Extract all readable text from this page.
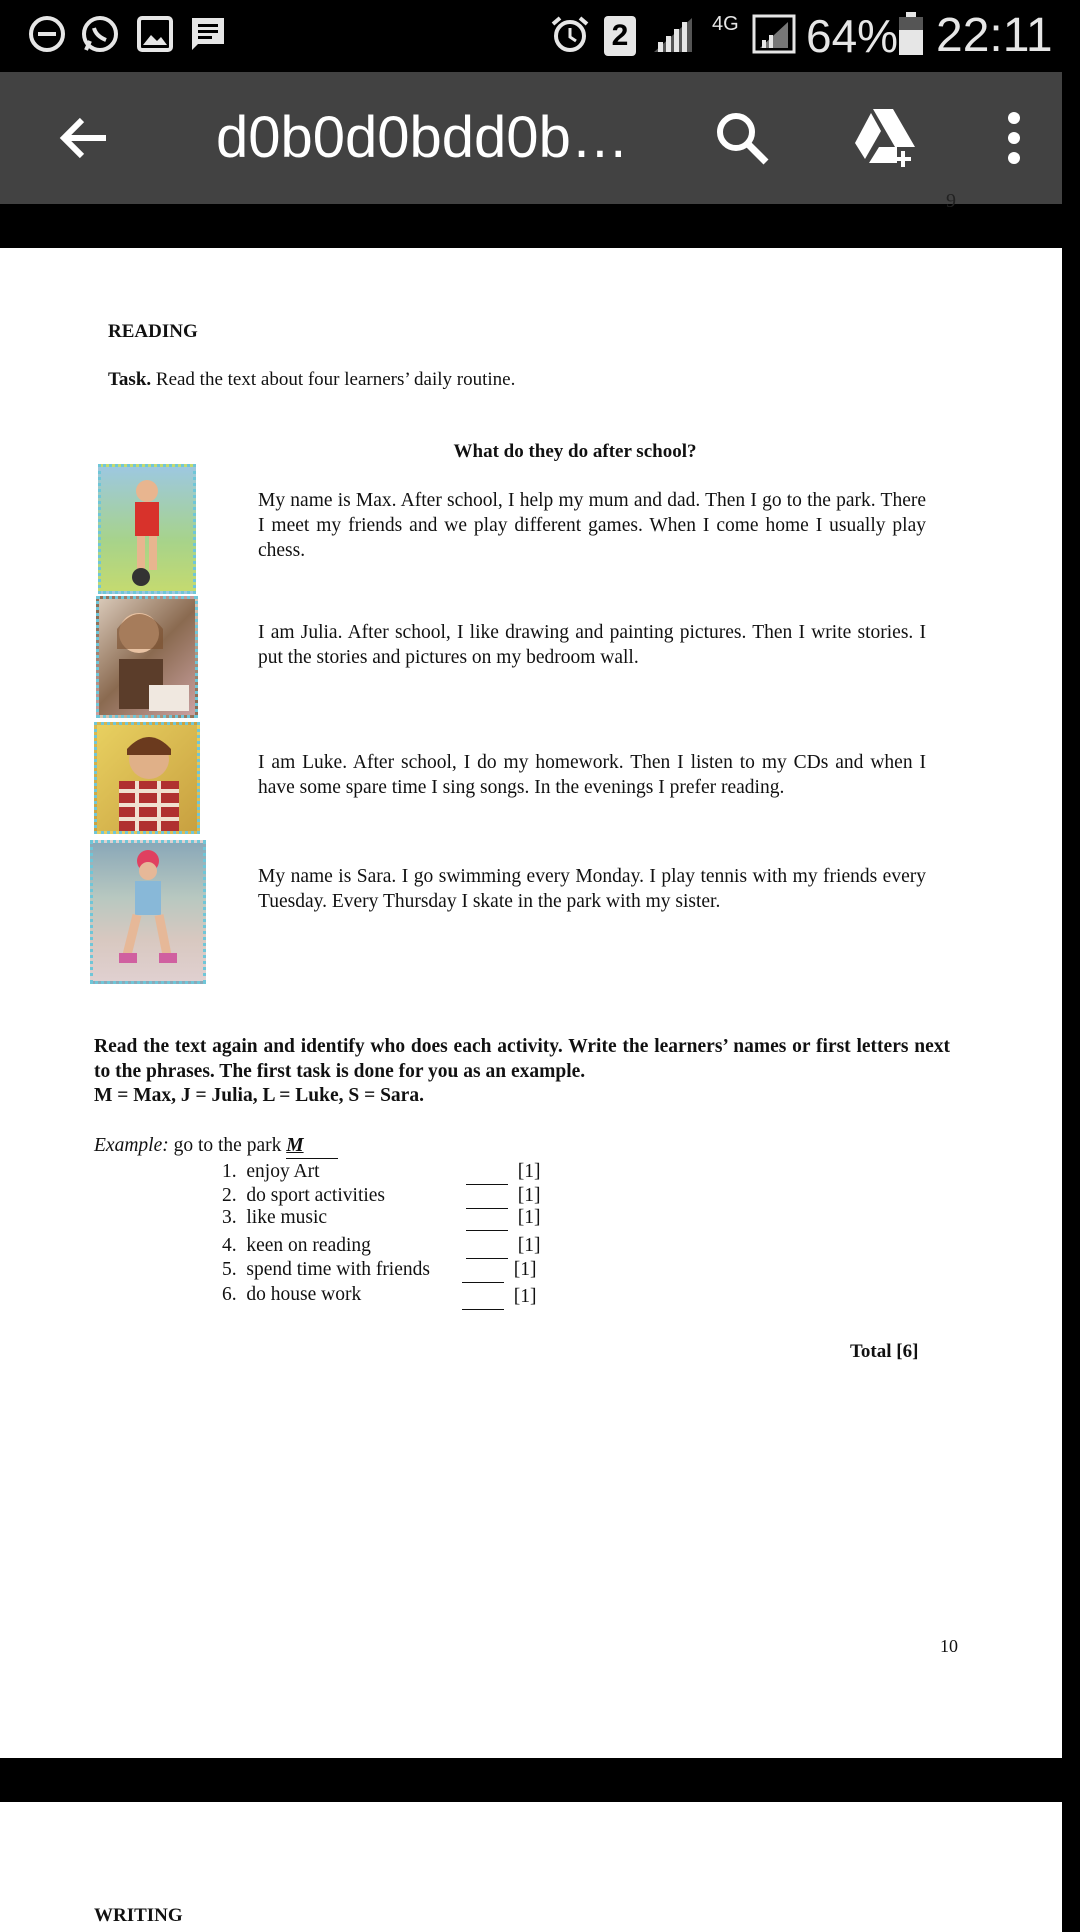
2	4G 64% 22:11
d0b0d0bdd0b…
9
READING
Task. Read the text about four learners’ daily routine.
What do they do after school?
My name is Max. After school, I help my mum and dad. Then I go to the park. There I meet my friends and we play different games. When I come home I usually play chess.
I am Julia. After school, I like drawing and painting pictures. Then I write stories. I put the stories and pictures on my bedroom wall.
I am Luke. After school, I do my homework. Then I listen to my CDs and when I have some spare time I sing songs. In the evenings I prefer reading.
My name is Sara. I go swimming every Monday. I play tennis with my friends every Tuesday. Every Thursday I skate in the park with my sister.
Read the text again and identify who does each activity. Write the learners’ names or first letters next to the phrases. The first task is done for you as an example.
M = Max, J = Julia, L = Luke, S = Sara.
Example: go to the park M
1. enjoy Art
2. do sport activities
3. like music
4. keen on reading
5. spend time with friends
6. do house work
[1]
[1]
[1]
[1]
[1]
[1]
Total [6]
10
WRITING
